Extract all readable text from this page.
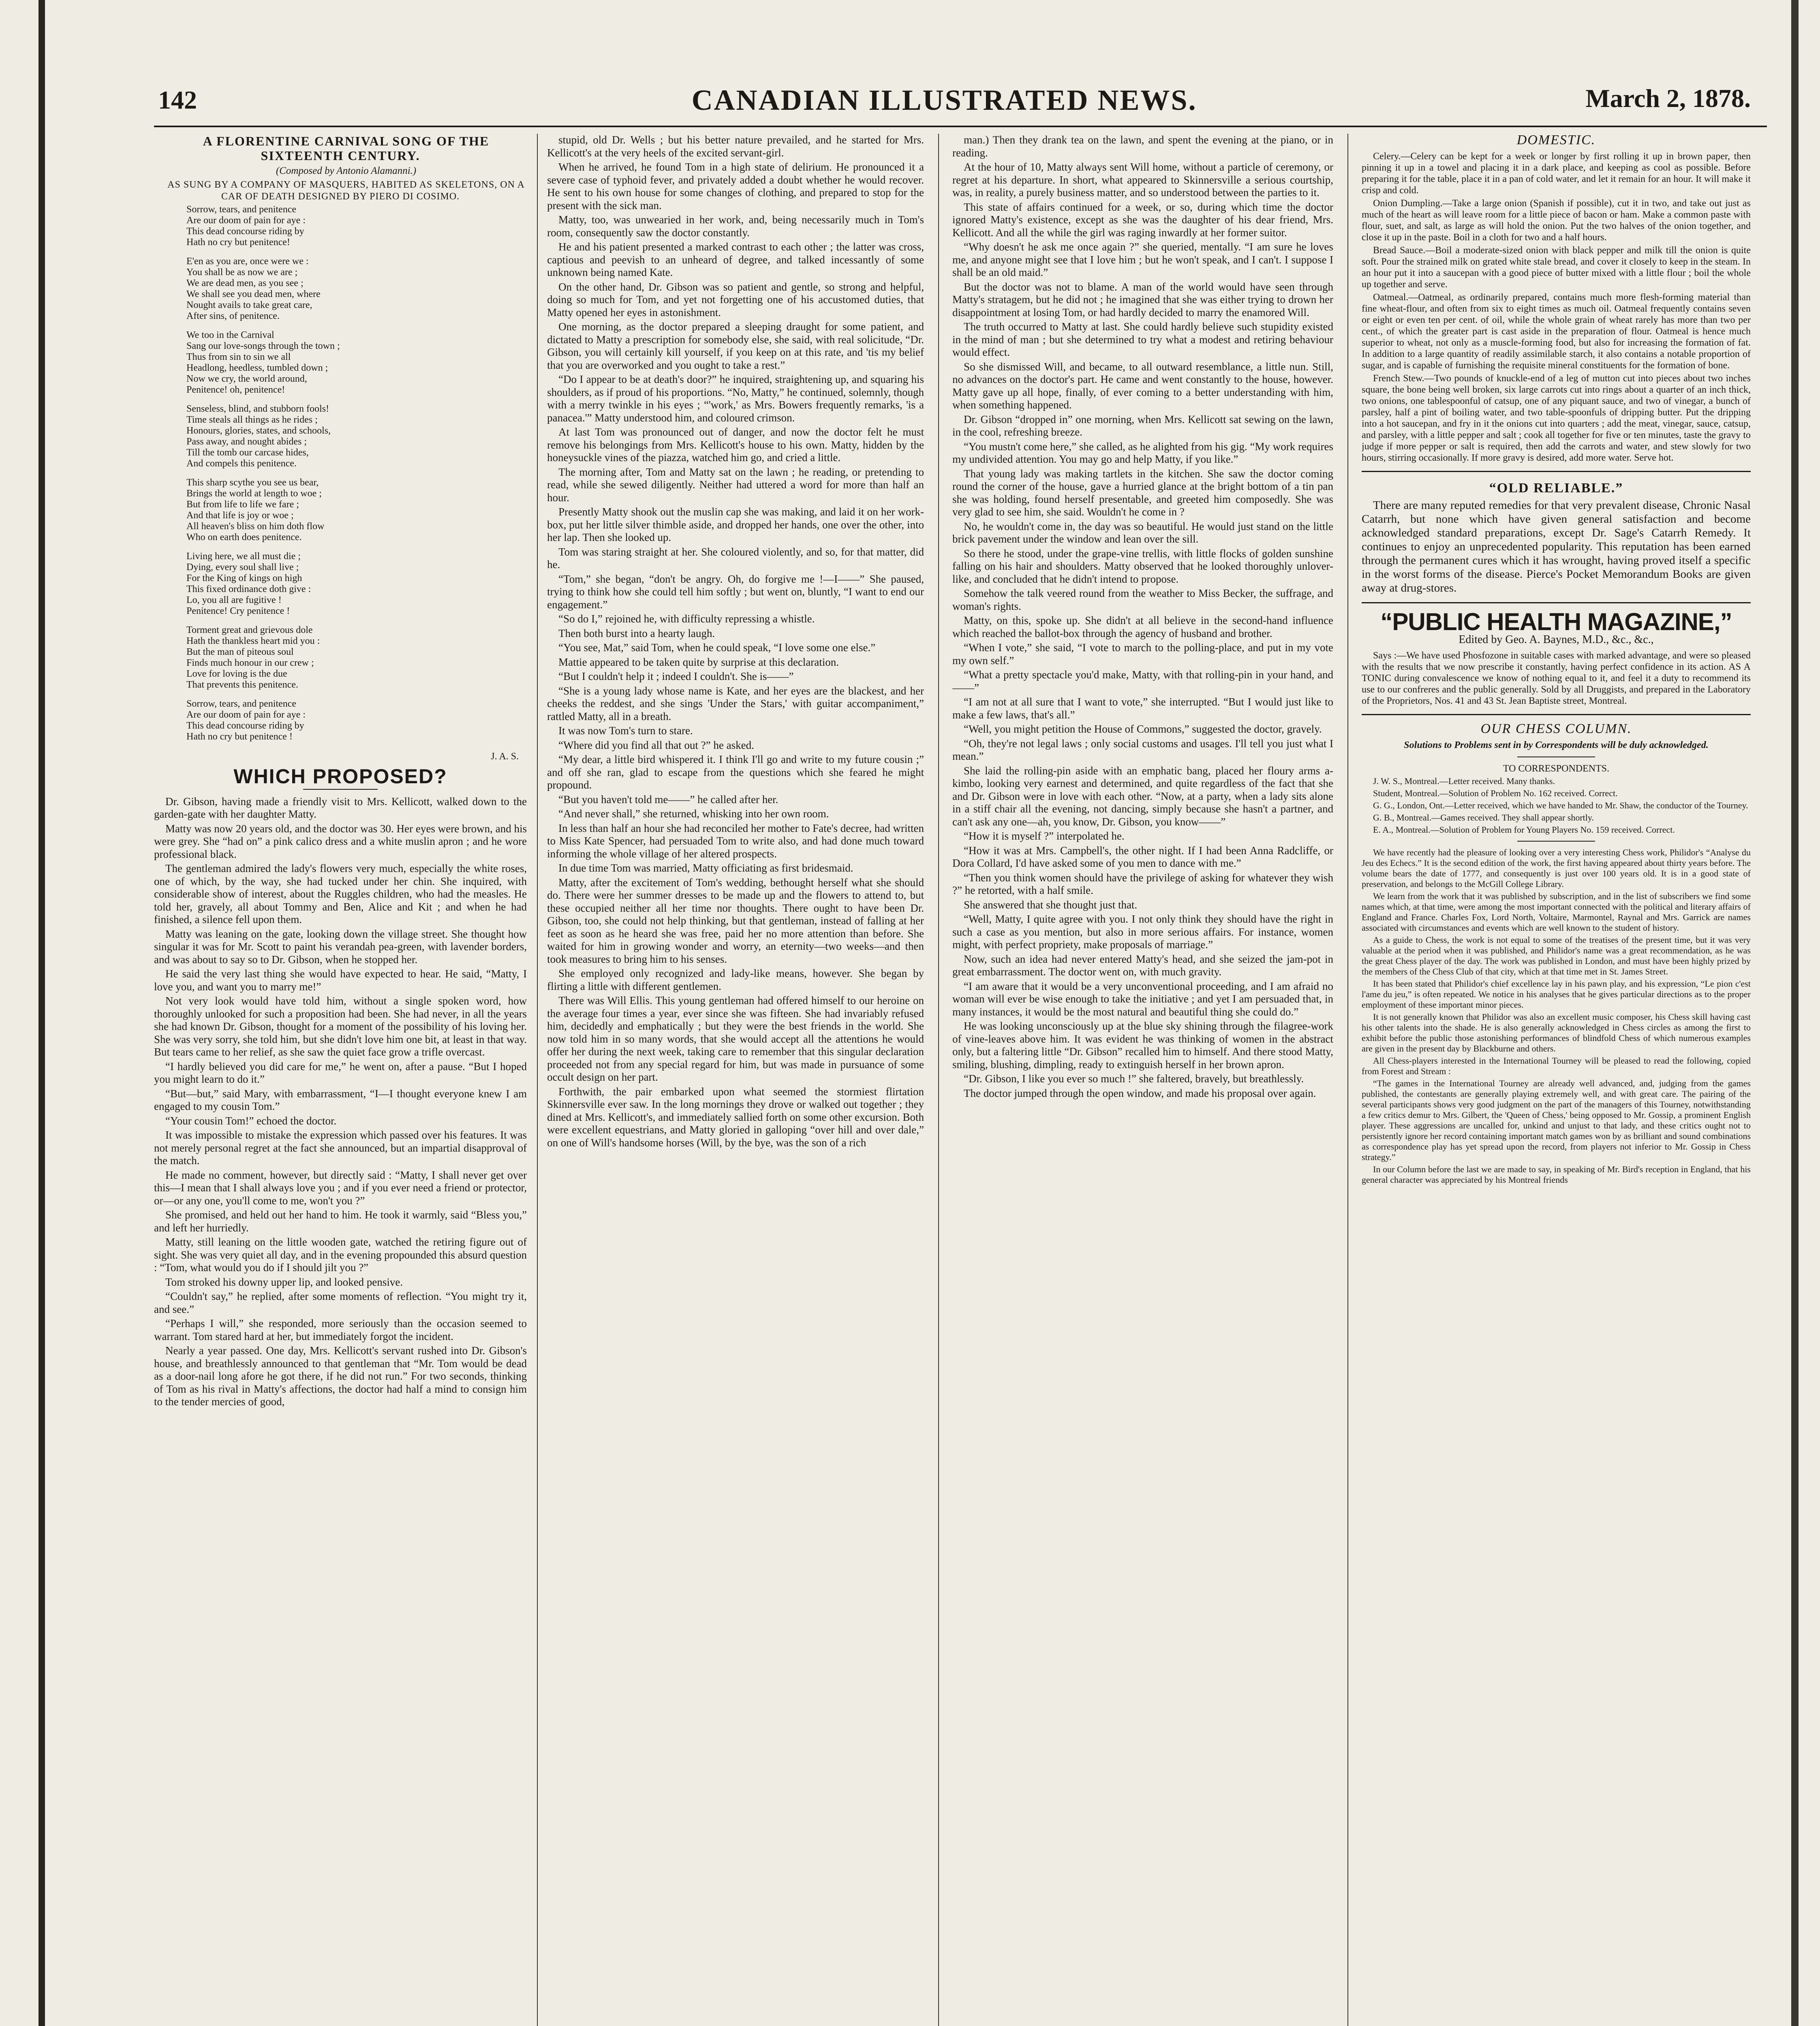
142	CANADIAN ILLUSTRATED NEWS.	March 2, 1878.

A FLORENTINE CARNIVAL SONG OF THE SIXTEENTH CENTURY.

(Composed by Antonio Alamanni.)

AS SUNG BY A COMPANY OF MASQUERS, HABITED AS SKELETONS, ON A CAR OF DEATH DESIGNED BY PIERO DI COSIMO.

Sorrow, tears, and penitence
Are our doom of pain for aye :
This dead concourse riding by
Hath no cry but penitence!
E'en as you are, once were we :
You shall be as now we are ;
We are dead men, as you see ;
We shall see you dead men, where
Nought avails to take great care,
After sins, of penitence.
We too in the Carnival
Sang our love-songs through the town ;
Thus from sin to sin we all
Headlong, heedless, tumbled down ;
Now we cry, the world around,
Penitence! oh, penitence!
Senseless, blind, and stubborn fools!
Time steals all things as he rides ;
Honours, glories, states, and schools,
Pass away, and nought abides ;
Till the tomb our carcase hides,
And compels this penitence.
This sharp scythe you see us bear,
Brings the world at length to woe ;
But from life to life we fare ;
And that life is joy or woe ;
All heaven's bliss on him doth flow
Who on earth does penitence.
Living here, we all must die ;
Dying, every soul shall live ;
For the King of kings on high
This fixed ordinance doth give :
Lo, you all are fugitive !
Penitence! Cry penitence !
Torment great and grievous dole
Hath the thankless heart mid you :
But the man of piteous soul
Finds much honour in our crew ;
Love for loving is the due
That prevents this penitence.
Sorrow, tears, and penitence
Are our doom of pain for aye :
This dead concourse riding by
Hath no cry but penitence !
J. A. S.
WHICH PROPOSED?

Dr. Gibson, having made a friendly visit to Mrs. Kellicott, walked down to the garden-gate with her daughter Matty.

Matty was now 20 years old, and the doctor was 30. Her eyes were brown, and his were grey. She “had on” a pink calico dress and a white muslin apron ; and he wore professional black.

The gentleman admired the lady's flowers very much, especially the white roses, one of which, by the way, she had tucked under her chin. She inquired, with considerable show of interest, about the Ruggles children, who had the measles. He told her, gravely, all about Tommy and Ben, Alice and Kit ; and when he had finished, a silence fell upon them.

Matty was leaning on the gate, looking down the village street. She thought how singular it was for Mr. Scott to paint his verandah pea-green, with lavender borders, and was about to say so to Dr. Gibson, when he stopped her.

He said the very last thing she would have expected to hear. He said, “Matty, I love you, and want you to marry me!”

Not very look would have told him, without a single spoken word, how thoroughly unlooked for such a proposition had been. She had never, in all the years she had known Dr. Gibson, thought for a moment of the possibility of his loving her. She was very sorry, she told him, but she didn't love him one bit, at least in that way. But tears came to her relief, as she saw the quiet face grow a trifle overcast.

“I hardly believed you did care for me,” he went on, after a pause. “But I hoped you might learn to do it.”

“But—but,” said Mary, with embarrassment, “I—I thought everyone knew I am engaged to my cousin Tom.”

“Your cousin Tom!” echoed the doctor.

It was impossible to mistake the expression which passed over his features. It was not merely personal regret at the fact she announced, but an impartial disapproval of the match.

He made no comment, however, but directly said : “Matty, I shall never get over this—I mean that I shall always love you ; and if you ever need a friend or protector, or—or any one, you'll come to me, won't you ?”

She promised, and held out her hand to him. He took it warmly, said “Bless you,” and left her hurriedly.

Matty, still leaning on the little wooden gate, watched the retiring figure out of sight. She was very quiet all day, and in the evening propounded this absurd question : “Tom, what would you do if I should jilt you ?”

Tom stroked his downy upper lip, and looked pensive.

“Couldn't say,” he replied, after some moments of reflection. “You might try it, and see.”

“Perhaps I will,” she responded, more seriously than the occasion seemed to warrant. Tom stared hard at her, but immediately forgot the incident.

Nearly a year passed. One day, Mrs. Kellicott's servant rushed into Dr. Gibson's house, and breathlessly announced to that gentleman that “Mr. Tom would be dead as a door-nail long afore he got there, if he did not run.” For two seconds, thinking of Tom as his rival in Matty's affections, the doctor had half a mind to consign him to the tender mercies of good,

stupid, old Dr. Wells ; but his better nature prevailed, and he started for Mrs. Kellicott's at the very heels of the excited servant-girl.

When he arrived, he found Tom in a high state of delirium. He pronounced it a severe case of typhoid fever, and privately added a doubt whether he would recover. He sent to his own house for some changes of clothing, and prepared to stop for the present with the sick man.

Matty, too, was unwearied in her work, and, being necessarily much in Tom's room, consequently saw the doctor constantly.

He and his patient presented a marked contrast to each other ; the latter was cross, captious and peevish to an unheard of degree, and talked incessantly of some unknown being named Kate.

On the other hand, Dr. Gibson was so patient and gentle, so strong and helpful, doing so much for Tom, and yet not forgetting one of his accustomed duties, that Matty opened her eyes in astonishment.

One morning, as the doctor prepared a sleeping draught for some patient, and dictated to Matty a prescription for somebody else, she said, with real solicitude, “Dr. Gibson, you will certainly kill yourself, if you keep on at this rate, and 'tis my belief that you are overworked and you ought to take a rest.”

“Do I appear to be at death's door?” he inquired, straightening up, and squaring his shoulders, as if proud of his proportions. “No, Matty,” he continued, solemnly, though with a merry twinkle in his eyes ; “'work,' as Mrs. Bowers frequently remarks, 'is a panacea.'” Matty understood him, and coloured crimson.

At last Tom was pronounced out of danger, and now the doctor felt he must remove his belongings from Mrs. Kellicott's house to his own. Matty, hidden by the honeysuckle vines of the piazza, watched him go, and cried a little.

The morning after, Tom and Matty sat on the lawn ; he reading, or pretending to read, while she sewed diligently. Neither had uttered a word for more than half an hour.

Presently Matty shook out the muslin cap she was making, and laid it on her work-box, put her little silver thimble aside, and dropped her hands, one over the other, into her lap. Then she looked up.

Tom was staring straight at her. She coloured violently, and so, for that matter, did he.

“Tom,” she began, “don't be angry. Oh, do forgive me !—I——” She paused, trying to think how she could tell him softly ; but went on, bluntly, “I want to end our engagement.”

“So do I,” rejoined he, with difficulty repressing a whistle.

Then both burst into a hearty laugh.

“You see, Mat,” said Tom, when he could speak, “I love some one else.”

Mattie appeared to be taken quite by surprise at this declaration.

“But I couldn't help it ; indeed I couldn't. She is——”

“She is a young lady whose name is Kate, and her eyes are the blackest, and her cheeks the reddest, and she sings 'Under the Stars,' with guitar accompaniment,” rattled Matty, all in a breath.

It was now Tom's turn to stare.

“Where did you find all that out ?” he asked.

“My dear, a little bird whispered it. I think I'll go and write to my future cousin ;” and off she ran, glad to escape from the questions which she feared he might propound.

“But you haven't told me——” he called after her.

“And never shall,” she returned, whisking into her own room.

In less than half an hour she had reconciled her mother to Fate's decree, had written to Miss Kate Spencer, had persuaded Tom to write also, and had done much toward informing the whole village of her altered prospects.

In due time Tom was married, Matty officiating as first bridesmaid.

Matty, after the excitement of Tom's wedding, bethought herself what she should do. There were her summer dresses to be made up and the flowers to attend to, but these occupied neither all her time nor thoughts. There ought to have been Dr. Gibson, too, she could not help thinking, but that gentleman, instead of falling at her feet as soon as he heard she was free, paid her no more attention than before. She waited for him in growing wonder and worry, an eternity—two weeks—and then took measures to bring him to his senses.

She employed only recognized and lady-like means, however. She began by flirting a little with different gentlemen.

There was Will Ellis. This young gentleman had offered himself to our heroine on the average four times a year, ever since she was fifteen. She had invariably refused him, decidedly and emphatically ; but they were the best friends in the world. She now told him in so many words, that she would accept all the attentions he would offer her during the next week, taking care to remember that this singular declaration proceeded not from any special regard for him, but was made in pursuance of some occult design on her part.

Forthwith, the pair embarked upon what seemed the stormiest flirtation Skinnersville ever saw. In the long mornings they drove or walked out together ; they dined at Mrs. Kellicott's, and immediately sallied forth on some other excursion. Both were excellent equestrians, and Matty gloried in galloping “over hill and over dale,” on one of Will's handsome horses (Will, by the bye, was the son of a rich

man.) Then they drank tea on the lawn, and spent the evening at the piano, or in reading.

At the hour of 10, Matty always sent Will home, without a particle of ceremony, or regret at his departure. In short, what appeared to Skinnersville a serious courtship, was, in reality, a purely business matter, and so understood between the parties to it.

This state of affairs continued for a week, or so, during which time the doctor ignored Matty's existence, except as she was the daughter of his dear friend, Mrs. Kellicott. And all the while the girl was raging inwardly at her former suitor.

“Why doesn't he ask me once again ?” she queried, mentally. “I am sure he loves me, and anyone might see that I love him ; but he won't speak, and I can't. I suppose I shall be an old maid.”

But the doctor was not to blame. A man of the world would have seen through Matty's stratagem, but he did not ; he imagined that she was either trying to drown her disappointment at losing Tom, or had hardly decided to marry the enamored Will.

The truth occurred to Matty at last. She could hardly believe such stupidity existed in the mind of man ; but she determined to try what a modest and retiring behaviour would effect.

So she dismissed Will, and became, to all outward resemblance, a little nun. Still, no advances on the doctor's part. He came and went constantly to the house, however. Matty gave up all hope, finally, of ever coming to a better understanding with him, when something happened.

Dr. Gibson “dropped in” one morning, when Mrs. Kellicott sat sewing on the lawn, in the cool, refreshing breeze.

“You mustn't come here,” she called, as he alighted from his gig. “My work requires my undivided attention. You may go and help Matty, if you like.”

That young lady was making tartlets in the kitchen. She saw the doctor coming round the corner of the house, gave a hurried glance at the bright bottom of a tin pan she was holding, found herself presentable, and greeted him composedly. She was very glad to see him, she said. Wouldn't he come in ?

No, he wouldn't come in, the day was so beautiful. He would just stand on the little brick pavement under the window and lean over the sill.

So there he stood, under the grape-vine trellis, with little flocks of golden sunshine falling on his hair and shoulders. Matty observed that he looked thoroughly unlover-like, and concluded that he didn't intend to propose.

Somehow the talk veered round from the weather to Miss Becker, the suffrage, and woman's rights.

Matty, on this, spoke up. She didn't at all believe in the second-hand influence which reached the ballot-box through the agency of husband and brother.

“When I vote,” she said, “I vote to march to the polling-place, and put in my vote my own self.”

“What a pretty spectacle you'd make, Matty, with that rolling-pin in your hand, and——”

“I am not at all sure that I want to vote,” she interrupted. “But I would just like to make a few laws, that's all.”

“Well, you might petition the House of Commons,” suggested the doctor, gravely.

“Oh, they're not legal laws ; only social customs and usages. I'll tell you just what I mean.”

She laid the rolling-pin aside with an emphatic bang, placed her floury arms a-kimbo, looking very earnest and determined, and quite regardless of the fact that she and Dr. Gibson were in love with each other. “Now, at a party, when a lady sits alone in a stiff chair all the evening, not dancing, simply because she hasn't a partner, and can't ask any one—ah, you know, Dr. Gibson, you know——”

“How it is myself ?” interpolated he.

“How it was at Mrs. Campbell's, the other night. If I had been Anna Radcliffe, or Dora Collard, I'd have asked some of you men to dance with me.”

“Then you think women should have the privilege of asking for whatever they wish ?” he retorted, with a half smile.

She answered that she thought just that.

“Well, Matty, I quite agree with you. I not only think they should have the right in such a case as you mention, but also in more serious affairs. For instance, women might, with perfect propriety, make proposals of marriage.”

Now, such an idea had never entered Matty's head, and she seized the jam-pot in great embarrassment. The doctor went on, with much gravity.

“I am aware that it would be a very unconventional proceeding, and I am afraid no woman will ever be wise enough to take the initiative ; and yet I am persuaded that, in many instances, it would be the most natural and beautiful thing she could do.”

He was looking unconsciously up at the blue sky shining through the filagree-work of vine-leaves above him. It was evident he was thinking of women in the abstract only, but a faltering little “Dr. Gibson” recalled him to himself. And there stood Matty, smiling, blushing, dimpling, ready to extinguish herself in her brown apron.

“Dr. Gibson, I like you ever so much !” she faltered, bravely, but breathlessly.

The doctor jumped through the open window, and made his proposal over again.

DOMESTIC.

Celery.—Celery can be kept for a week or longer by first rolling it up in brown paper, then pinning it up in a towel and placing it in a dark place, and keeping as cool as possible. Before preparing it for the table, place it in a pan of cold water, and let it remain for an hour. It will make it crisp and cold.

Onion Dumpling.—Take a large onion (Spanish if possible), cut it in two, and take out just as much of the heart as will leave room for a little piece of bacon or ham. Make a common paste with flour, suet, and salt, as large as will hold the onion. Put the two halves of the onion together, and close it up in the paste. Boil in a cloth for two and a half hours.

Bread Sauce.—Boil a moderate-sized onion with black pepper and milk till the onion is quite soft. Pour the strained milk on grated white stale bread, and cover it closely to keep in the steam. In an hour put it into a saucepan with a good piece of butter mixed with a little flour ; boil the whole up together and serve.

Oatmeal.—Oatmeal, as ordinarily prepared, contains much more flesh-forming material than fine wheat-flour, and often from six to eight times as much oil. Oatmeal frequently contains seven or eight or even ten per cent. of oil, while the whole grain of wheat rarely has more than two per cent., of which the greater part is cast aside in the preparation of flour. Oatmeal is hence much superior to wheat, not only as a muscle-forming food, but also for increasing the formation of fat. In addition to a large quantity of readily assimilable starch, it also contains a notable proportion of sugar, and is capable of furnishing the requisite mineral constituents for the formation of bone.

French Stew.—Two pounds of knuckle-end of a leg of mutton cut into pieces about two inches square, the bone being well broken, six large carrots cut into rings about a quarter of an inch thick, two onions, one tablespoonful of catsup, one of any piquant sauce, and two of vinegar, a bunch of parsley, half a pint of boiling water, and two table-spoonfuls of dripping butter. Put the dripping into a hot saucepan, and fry in it the onions cut into quarters ; add the meat, vinegar, sauce, catsup, and parsley, with a little pepper and salt ; cook all together for five or ten minutes, taste the gravy to judge if more pepper or salt is required, then add the carrots and water, and stew slowly for two hours, stirring occasionally. If more gravy is desired, add more water. Serve hot.

“OLD RELIABLE.”

There are many reputed remedies for that very prevalent disease, Chronic Nasal Catarrh, but none which have given general satisfaction and become acknowledged standard preparations, except Dr. Sage's Catarrh Remedy. It continues to enjoy an unprecedented popularity. This reputation has been earned through the permanent cures which it has wrought, having proved itself a specific in the worst forms of the disease. Pierce's Pocket Memorandum Books are given away at drug-stores.

“PUBLIC HEALTH MAGAZINE,”
Edited by Geo. A. Baynes, M.D., &c., &c.,

Says :—We have used Phosfozone in suitable cases with marked advantage, and were so pleased with the results that we now prescribe it constantly, having perfect confidence in its action. AS A TONIC during convalescence we know of nothing equal to it, and feel it a duty to recommend its use to our confreres and the public generally. Sold by all Druggists, and prepared in the Laboratory of the Proprietors, Nos. 41 and 43 St. Jean Baptiste street, Montreal.

OUR CHESS COLUMN.

Solutions to Problems sent in by Correspondents will be duly acknowledged.

TO CORRESPONDENTS.

J. W. S., Montreal.—Letter received. Many thanks.

Student, Montreal.—Solution of Problem No. 162 received. Correct.

G. G., London, Ont.—Letter received, which we have handed to Mr. Shaw, the conductor of the Tourney.

G. B., Montreal.—Games received. They shall appear shortly.

E. A., Montreal.—Solution of Problem for Young Players No. 159 received. Correct.

We have recently had the pleasure of looking over a very interesting Chess work, Philidor's “Analyse du Jeu des Echecs.” It is the second edition of the work, the first having appeared about thirty years before. The volume bears the date of 1777, and consequently is just over 100 years old. It is in a good state of preservation, and belongs to the McGill College Library.

We learn from the work that it was published by subscription, and in the list of subscribers we find some names which, at that time, were among the most important connected with the political and literary affairs of England and France. Charles Fox, Lord North, Voltaire, Marmontel, Raynal and Mrs. Garrick are names associated with circumstances and events which are well known to the student of history.

As a guide to Chess, the work is not equal to some of the treatises of the present time, but it was very valuable at the period when it was published, and Philidor's name was a great recommendation, as he was the great Chess player of the day. The work was published in London, and must have been highly prized by the members of the Chess Club of that city, which at that time met in St. James Street.

It has been stated that Philidor's chief excellence lay in his pawn play, and his expression, “Le pion c'est l'ame du jeu,” is often repeated. We notice in his analyses that he gives particular directions as to the proper employment of these important minor pieces.

It is not generally known that Philidor was also an excellent music composer, his Chess skill having cast his other talents into the shade. He is also generally acknowledged in Chess circles as among the first to exhibit before the public those astonishing performances of blindfold Chess of which numerous examples are given in the present day by Blackburne and others.

All Chess-players interested in the International Tourney will be pleased to read the following, copied from Forest and Stream :

“The games in the International Tourney are already well advanced, and, judging from the games published, the contestants are generally playing extremely well, and with great care. The pairing of the several participants shows very good judgment on the part of the managers of this Tourney, notwithstanding a few critics demur to Mrs. Gilbert, the 'Queen of Chess,' being opposed to Mr. Gossip, a prominent English player. These aggressions are uncalled for, unkind and unjust to that lady, and these critics ought not to persistently ignore her record containing important match games won by as brilliant and sound combinations as correspondence play has yet spread upon the record, from players not inferior to Mr. Gossip in Chess strategy.”

In our Column before the last we are made to say, in speaking of Mr. Bird's reception in England, that his general character was appreciated by his Montreal friends
